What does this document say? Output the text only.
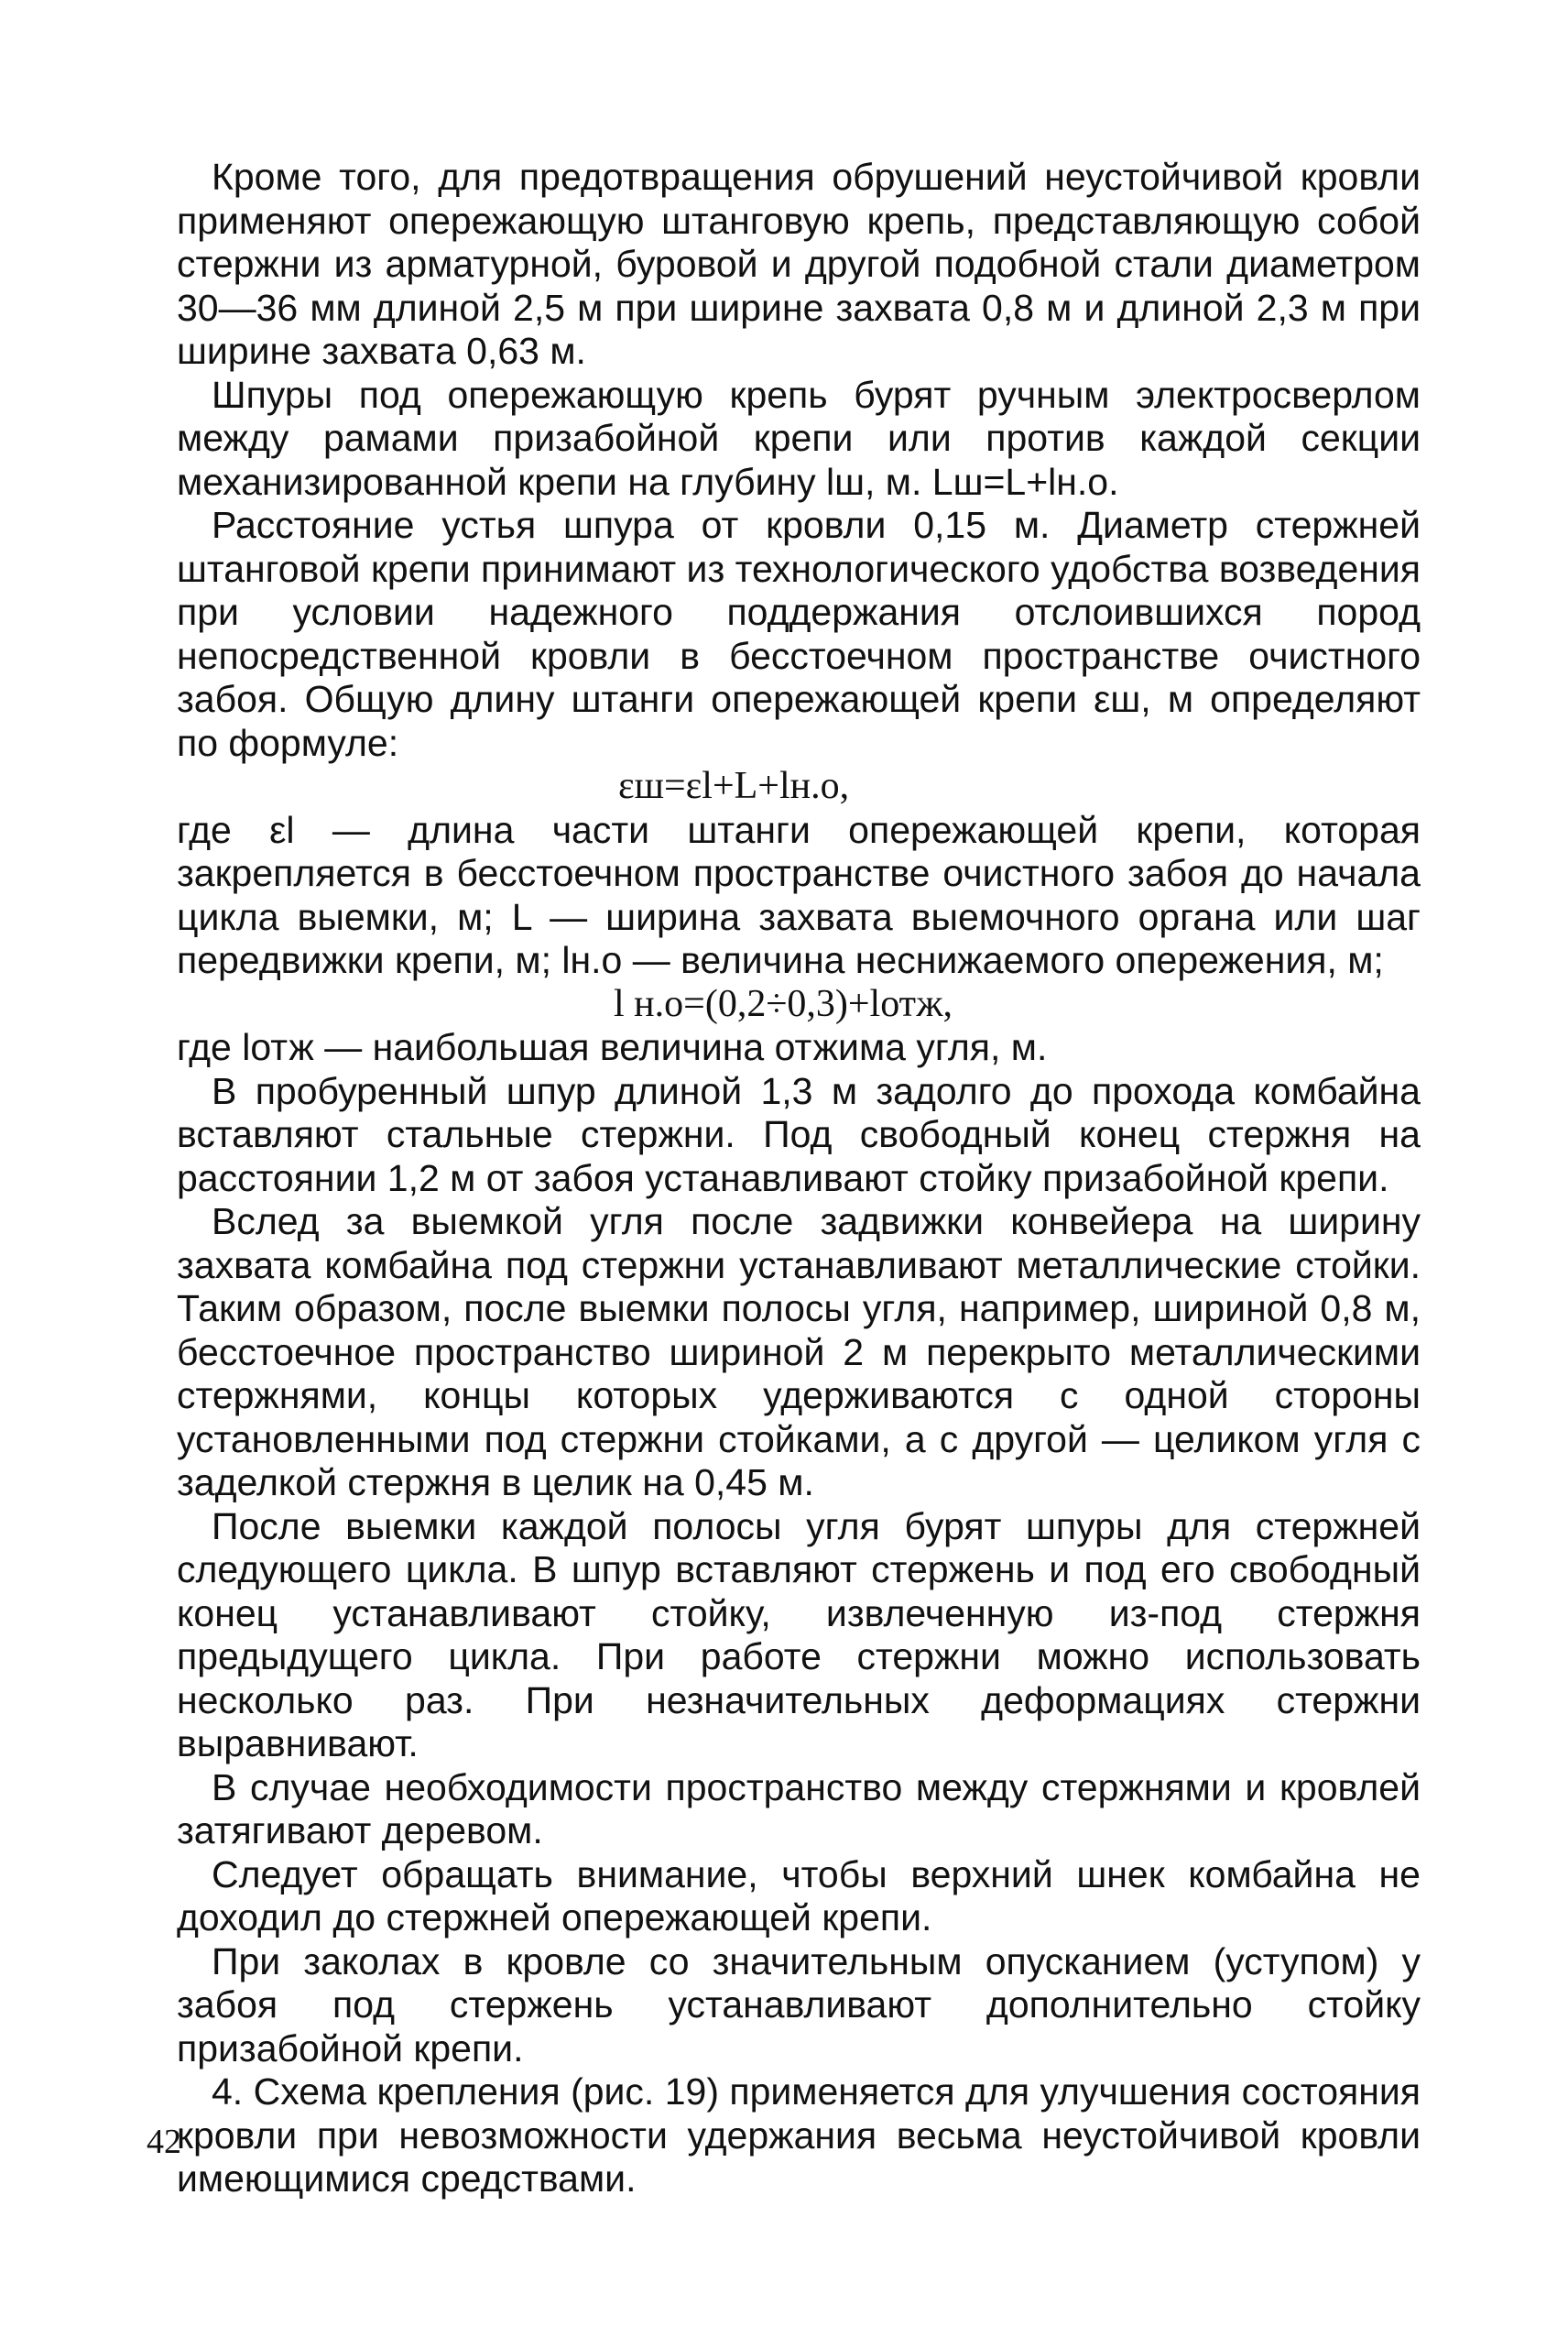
Кроме того, для предотвращения обрушений неустойчивой кровли применяют опережающую штанговую крепь, представляющую собой стержни из арматурной, буровой и другой подобной стали диаметром 30—36 мм длиной 2,5 м при ширине захвата 0,8 м и длиной 2,3 м при ширине захвата 0,63 м.

Шпуры под опережающую крепь бурят ручным электросверлом между рамами призабойной крепи или против каждой секции механизированной крепи на глубину lш, м. Lш=L+lн.о.

Расстояние устья шпура от кровли 0,15 м. Диаметр стержней штанговой крепи принимают из технологического удобства возведения при условии надежного поддержания отслоившихся пород непосредственной кровли в бесстоечном пространстве очистного забоя. Общую длину штанги опережающей крепи εш, м определяют по формуле:

εш=εl+L+lн.о,

где εl — длина части штанги опережающей крепи, которая закрепляется в бесстоечном пространстве очистного забоя до начала цикла выемки, м; L — ширина захвата выемочного органа или шаг передвижки крепи, м; lн.о — величина неснижаемого опережения, м;

l н.о=(0,2÷0,3)+lотж,

где lотж — наибольшая величина отжима угля, м.

В пробуренный шпур длиной 1,3 м задолго до прохода комбайна вставляют стальные стержни. Под свободный конец стержня на расстоянии 1,2 м от забоя устанавливают стойку призабойной крепи.

Вслед за выемкой угля после задвижки конвейера на ширину захвата комбайна под стержни устанавливают металлические стойки. Таким образом, после выемки полосы угля, например, шириной 0,8 м, бесстоечное пространство шириной 2 м перекрыто металлическими стержнями, концы которых удерживаются с одной стороны установленными под стержни стойками, а с другой — целиком угля с заделкой стержня в целик на 0,45 м.

После выемки каждой полосы угля бурят шпуры для стержней следующего цикла. В шпур вставляют стержень и под его свободный конец устанавливают стойку, извлеченную из-под стержня предыдущего цикла. При работе стержни можно использовать несколько раз. При незначительных деформациях стержни выравнивают.

В случае необходимости пространство между стержнями и кровлей затягивают деревом.

Следует обращать внимание, чтобы верхний шнек комбайна не доходил до стержней опережающей крепи.

При заколах в кровле со значительным опусканием (уступом) у забоя под стержень устанавливают дополнительно стойку призабойной крепи.

4. Схема крепления (рис. 19) применяется для улучшения состояния кровли при невозможности удержания весьма неустойчивой кровли имеющимися средствами.

42
